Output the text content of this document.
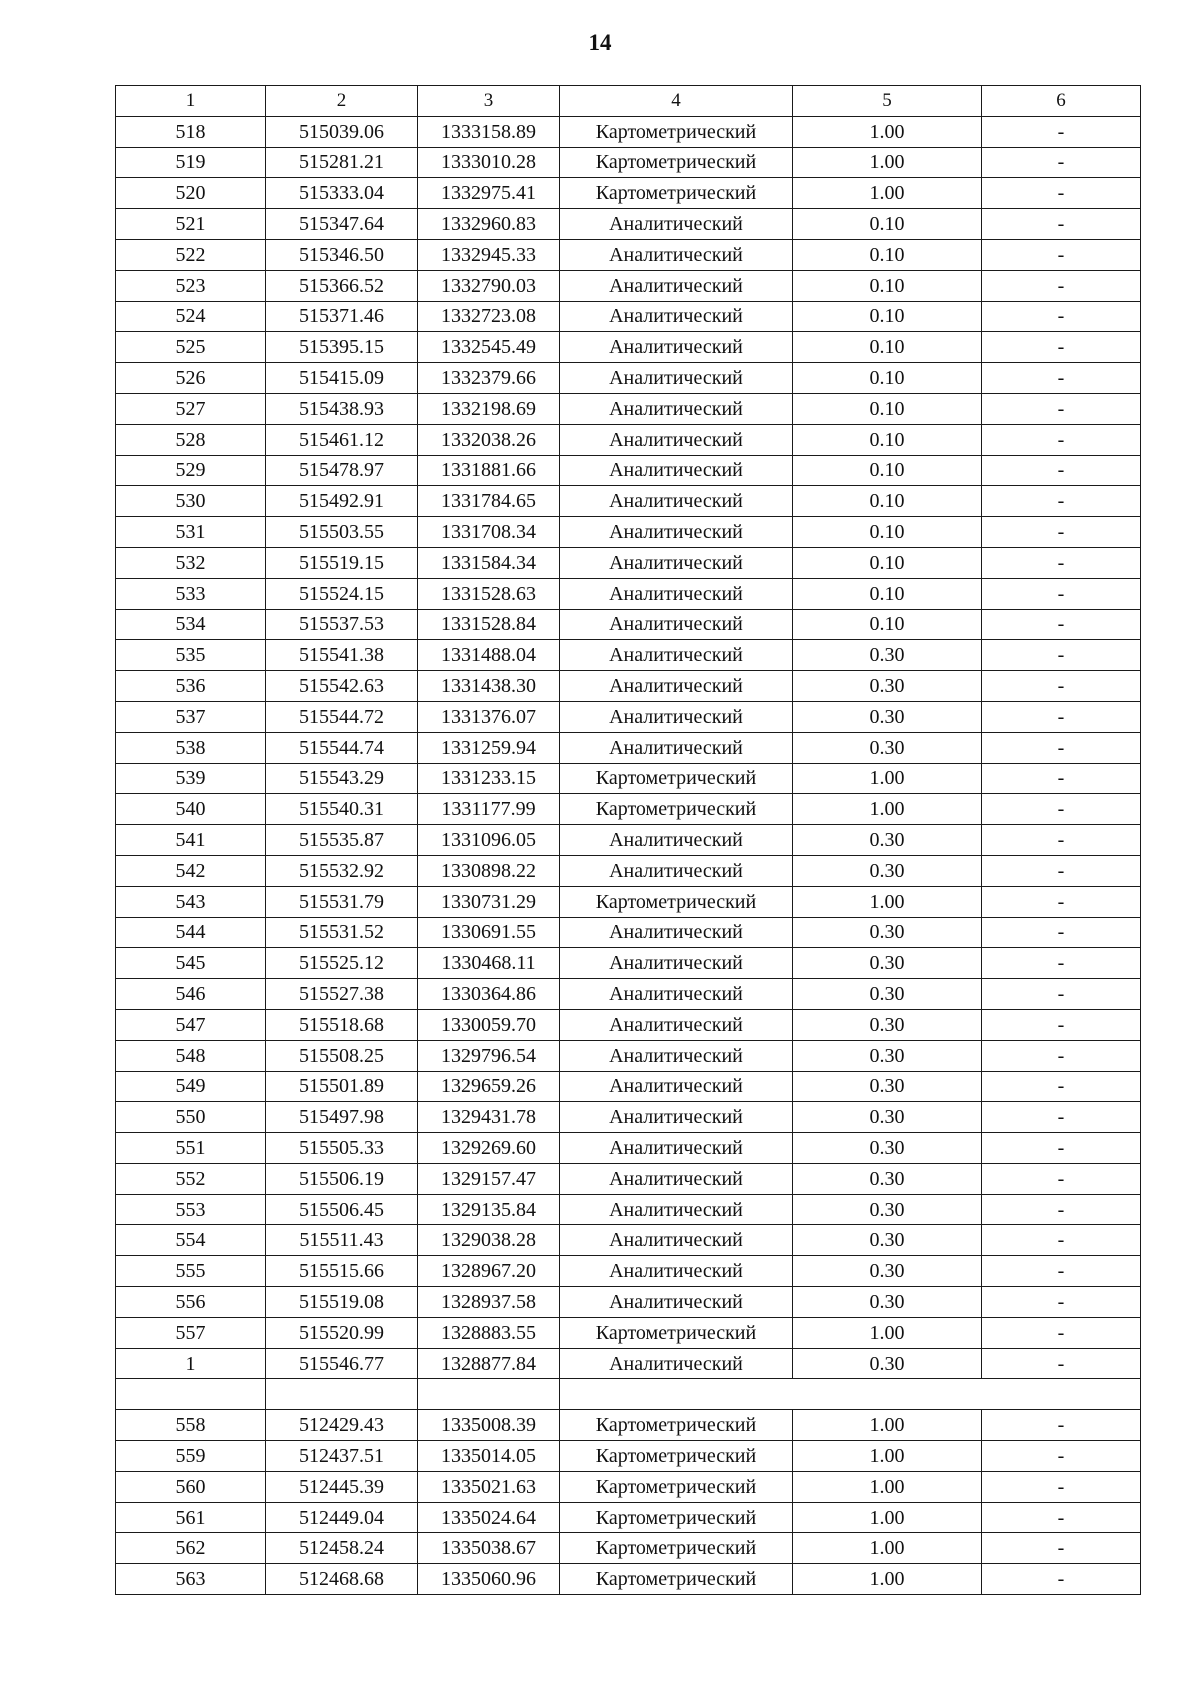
14
1	2	3	4	5	6
518	515039.06	1333158.89	Картометрический	1.00	-
519	515281.21	1333010.28	Картометрический	1.00	-
520	515333.04	1332975.41	Картометрический	1.00	-
521	515347.64	1332960.83	Аналитический	0.10	-
522	515346.50	1332945.33	Аналитический	0.10	-
523	515366.52	1332790.03	Аналитический	0.10	-
524	515371.46	1332723.08	Аналитический	0.10	-
525	515395.15	1332545.49	Аналитический	0.10	-
526	515415.09	1332379.66	Аналитический	0.10	-
527	515438.93	1332198.69	Аналитический	0.10	-
528	515461.12	1332038.26	Аналитический	0.10	-
529	515478.97	1331881.66	Аналитический	0.10	-
530	515492.91	1331784.65	Аналитический	0.10	-
531	515503.55	1331708.34	Аналитический	0.10	-
532	515519.15	1331584.34	Аналитический	0.10	-
533	515524.15	1331528.63	Аналитический	0.10	-
534	515537.53	1331528.84	Аналитический	0.10	-
535	515541.38	1331488.04	Аналитический	0.30	-
536	515542.63	1331438.30	Аналитический	0.30	-
537	515544.72	1331376.07	Аналитический	0.30	-
538	515544.74	1331259.94	Аналитический	0.30	-
539	515543.29	1331233.15	Картометрический	1.00	-
540	515540.31	1331177.99	Картометрический	1.00	-
541	515535.87	1331096.05	Аналитический	0.30	-
542	515532.92	1330898.22	Аналитический	0.30	-
543	515531.79	1330731.29	Картометрический	1.00	-
544	515531.52	1330691.55	Аналитический	0.30	-
545	515525.12	1330468.11	Аналитический	0.30	-
546	515527.38	1330364.86	Аналитический	0.30	-
547	515518.68	1330059.70	Аналитический	0.30	-
548	515508.25	1329796.54	Аналитический	0.30	-
549	515501.89	1329659.26	Аналитический	0.30	-
550	515497.98	1329431.78	Аналитический	0.30	-
551	515505.33	1329269.60	Аналитический	0.30	-
552	515506.19	1329157.47	Аналитический	0.30	-
553	515506.45	1329135.84	Аналитический	0.30	-
554	515511.43	1329038.28	Аналитический	0.30	-
555	515515.66	1328967.20	Аналитический	0.30	-
556	515519.08	1328937.58	Аналитический	0.30	-
557	515520.99	1328883.55	Картометрический	1.00	-
1	515546.77	1328877.84	Аналитический	0.30	-

558	512429.43	1335008.39	Картометрический	1.00	-
559	512437.51	1335014.05	Картометрический	1.00	-
560	512445.39	1335021.63	Картометрический	1.00	-
561	512449.04	1335024.64	Картометрический	1.00	-
562	512458.24	1335038.67	Картометрический	1.00	-
563	512468.68	1335060.96	Картометрический	1.00	-
